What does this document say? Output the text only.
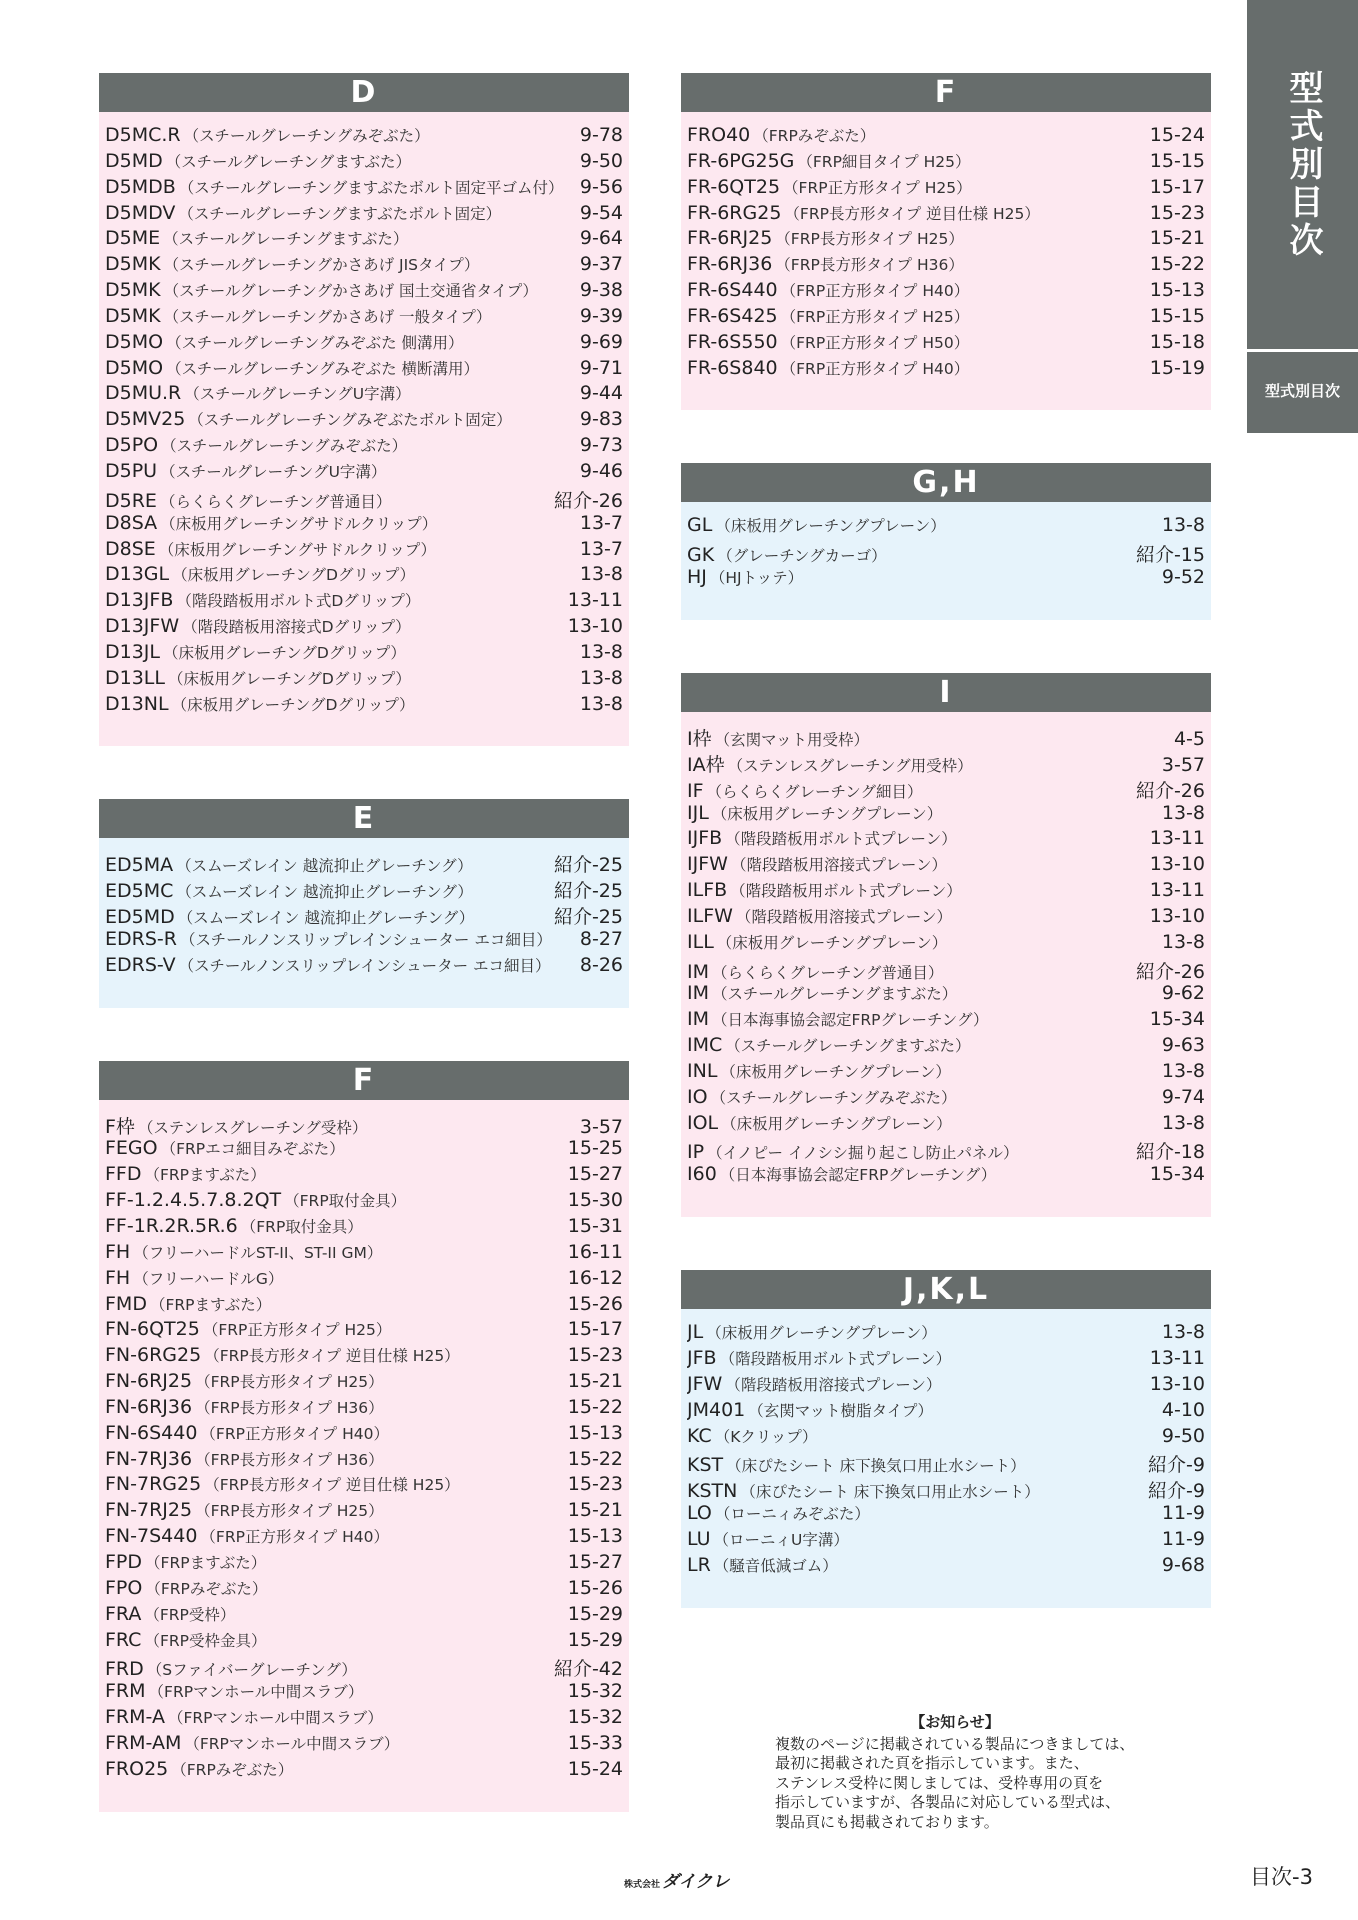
D
D5MC.R （スチールグレーチングみぞぶた）	9-78
D5MD （スチールグレーチングますぶた）	9-50
D5MDB （スチールグレーチングますぶたボルト固定平ゴム付） 9-56
D5MDV （スチールグレーチングますぶたボルト固定）	9-54
D5ME （スチールグレーチングますぶた）	9-64
D5MK （スチールグレーチングかさあげ JISタイプ）	9-37
D5MK （スチールグレーチングかさあげ 国土交通省タイプ）	9-38
D5MK （スチールグレーチングかさあげ 一般タイプ）	9-39
D5MO （スチールグレーチングみぞぶた 側溝用）	9-69
D5MO （スチールグレーチングみぞぶた 横断溝用）	9-71
D5MU.R （スチールグレーチングU字溝）	9-44
D5MV25 （スチールグレーチングみぞぶたボルト固定）	9-83
D5PO （スチールグレーチングみぞぶた）	9-73
D5PU （スチールグレーチングU字溝）	9-46
D5RE （らくらくグレーチング普通目）	紹介-26
D8SA （床板用グレーチングサドルクリップ）	13-7
D8SE （床板用グレーチングサドルクリップ）	13-7
D13GL （床板用グレーチングDグリップ）	13-8
D13JFB （階段踏板用ボルト式Dグリップ）	13-11
D13JFW （階段踏板用溶接式Dグリップ）	13-10
D13JL （床板用グレーチングDグリップ）	13-8
D13LL （床板用グレーチングDグリップ）	13-8
D13NL （床板用グレーチングDグリップ）	13-8
E
ED5MA （スムーズレイン 越流抑止グレーチング）	紹介-25
ED5MC （スムーズレイン 越流抑止グレーチング）	紹介-25
ED5MD （スムーズレイン 越流抑止グレーチング）	紹介-25
EDRS-R （スチールノンスリップレインシューター エコ細目）	8-27
EDRS-V （スチールノンスリップレインシューター エコ細目）	8-26
F
F枠 （ステンレスグレーチング受枠）	3-57
FEGO （FRPエコ細目みぞぶた）	15-25
FFD （FRPますぶた）	15-27
FF-1.2.4.5.7.8.2QT （FRP取付金具）	15-30
FF-1R.2R.5R.6 （FRP取付金具）	15-31
FH （フリーハードルST-II、ST-II GM）	16-11
FH （フリーハードルG）	16-12
FMD （FRPますぶた）	15-26
FN-6QT25 （FRP正方形タイプ H25）	15-17
FN-6RG25 （FRP長方形タイプ 逆目仕様 H25）	15-23
FN-6RJ25 （FRP長方形タイプ H25）	15-21
FN-6RJ36 （FRP長方形タイプ H36）	15-22
FN-6S440 （FRP正方形タイプ H40）	15-13
FN-7RJ36 （FRP長方形タイプ H36）	15-22
FN-7RG25 （FRP長方形タイプ 逆目仕様 H25）	15-23
FN-7RJ25 （FRP長方形タイプ H25）	15-21
FN-7S440 （FRP正方形タイプ H40）	15-13
FPD （FRPますぶた）	15-27
FPO （FRPみぞぶた）	15-26
FRA （FRP受枠）	15-29
FRC （FRP受枠金具）	15-29
FRD （Sファイバーグレーチング）	紹介-42
FRM （FRPマンホール中間スラブ）	15-32
FRM-A （FRPマンホール中間スラブ）	15-32
FRM-AM （FRPマンホール中間スラブ）	15-33
FRO25 （FRPみぞぶた）	15-24
F
FRO40 （FRPみぞぶた）	15-24
FR-6PG25G （FRP細目タイプ H25）	15-15
FR-6QT25 （FRP正方形タイプ H25）	15-17
FR-6RG25 （FRP長方形タイプ 逆目仕様 H25）	15-23
FR-6RJ25 （FRP長方形タイプ H25）	15-21
FR-6RJ36 （FRP長方形タイプ H36）	15-22
FR-6S440 （FRP正方形タイプ H40）	15-13
FR-6S425 （FRP正方形タイプ H25）	15-15
FR-6S550 （FRP正方形タイプ H50）	15-18
FR-6S840 （FRP正方形タイプ H40）	15-19
G,H
GL （床板用グレーチングプレーン）	13-8
GK （グレーチングカーゴ）	紹介-15
HJ （HJトッテ）	9-52
I
I枠 （玄関マット用受枠）	4-5
IA枠 （ステンレスグレーチング用受枠）	3-57
IF （らくらくグレーチング細目）	紹介-26
IJL （床板用グレーチングプレーン）	13-8
IJFB （階段踏板用ボルト式プレーン）	13-11
IJFW （階段踏板用溶接式プレーン）	13-10
ILFB （階段踏板用ボルト式プレーン）	13-11
ILFW （階段踏板用溶接式プレーン）	13-10
ILL （床板用グレーチングプレーン）	13-8
IM （らくらくグレーチング普通目）	紹介-26
IM （スチールグレーチングますぶた）	9-62
IM （日本海事協会認定FRPグレーチング）	15-34
IMC （スチールグレーチングますぶた）	9-63
INL （床板用グレーチングプレーン）	13-8
IO （スチールグレーチングみぞぶた）	9-74
IOL （床板用グレーチングプレーン）	13-8
IP （イノピー イノシシ掘り起こし防止パネル）	紹介-18
I60 （日本海事協会認定FRPグレーチング）	15-34
J,K,L
JL （床板用グレーチングプレーン）	13-8
JFB （階段踏板用ボルト式プレーン）	13-11
JFW （階段踏板用溶接式プレーン）	13-10
JM401 （玄関マット樹脂タイプ）	4-10
KC （Kクリップ）	9-50
KST （床ぴたシート 床下換気口用止水シート）	紹介-9
KSTN （床ぴたシート 床下換気口用止水シート）	紹介-9
LO （ローニィみぞぶた）	11-9
LU （ローニィU字溝）	11-9
LR （騒音低減ゴム）	9-68
型式別目次
型式別目次
【お知らせ】
複数のページに掲載されている製品につきましては、
最初に掲載された頁を指示しています。また、
ステンレス受枠に関しましては、受枠専用の頁を
指示していますが、各製品に対応している型式は、
製品頁にも掲載されております。
株式会社 ダイクレ	目次-3
